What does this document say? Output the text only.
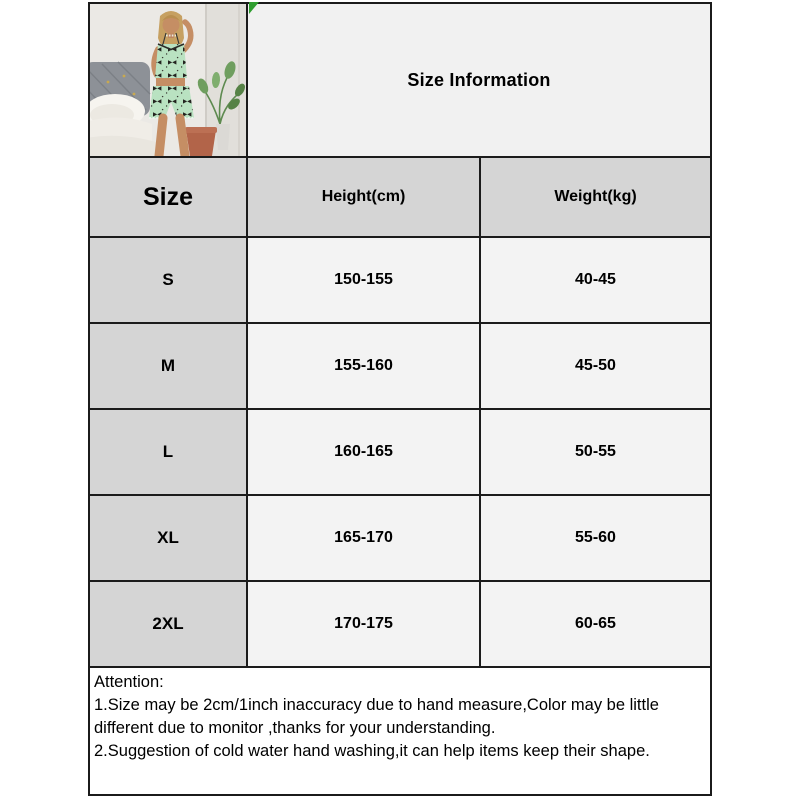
Size Information
Size	Height(cm)	Weight(kg)
S	150-155	40-45
M	155-160	45-50
L	160-165	50-55
XL	165-170	55-60
2XL	170-175	60-65

Attention:

1.Size may be 2cm/1inch inaccuracy due to hand measure,Color may be little different due to monitor ,thanks for your understanding.

2.Suggestion of cold water hand washing,it can help items keep their shape.
